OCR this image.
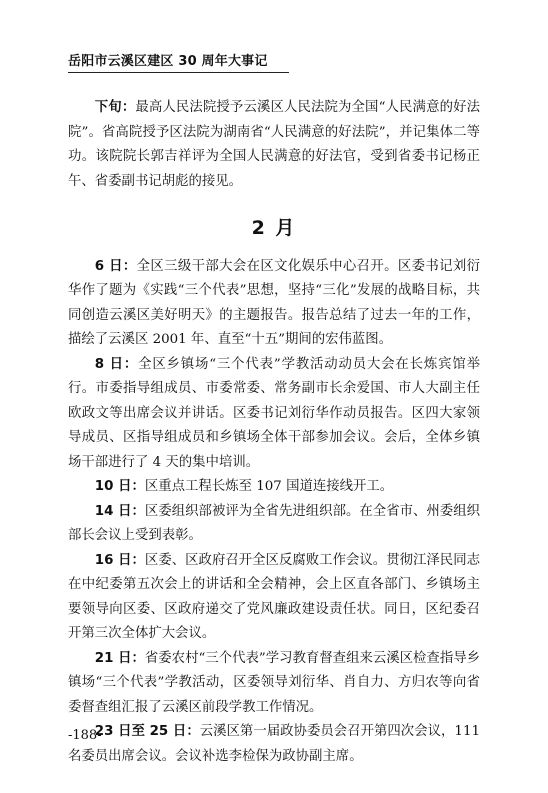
岳阳市云溪区建区 30 周年大事记

下旬：最高人民法院授予云溪区人民法院为全国“人民满意的好法院”。省高院授予区法院为湖南省“人民满意的好法院”，并记集体二等功。该院院长郭吉祥评为全国人民满意的好法官，受到省委书记杨正午、省委副书记胡彪的接见。

2 月

6 日：全区三级干部大会在区文化娱乐中心召开。区委书记刘衍华作了题为《实践“三个代表”思想，坚持“三化”发展的战略目标，共同创造云溪区美好明天》的主题报告。报告总结了过去一年的工作，描绘了云溪区 2001 年、直至“十五”期间的宏伟蓝图。

8 日：全区乡镇场“三个代表”学教活动动员大会在长炼宾馆举行。市委指导组成员、市委常委、常务副市长余爱国、市人大副主任欧政文等出席会议并讲话。区委书记刘衍华作动员报告。区四大家领导成员、区指导组成员和乡镇场全体干部参加会议。会后，全体乡镇场干部进行了 4 天的集中培训。

10 日：区重点工程长炼至 107 国道连接线开工。

14 日：区委组织部被评为全省先进组织部。在全省市、州委组织部长会议上受到表彰。

16 日：区委、区政府召开全区反腐败工作会议。贯彻江泽民同志在中纪委第五次会上的讲话和全会精神，会上区直各部门、乡镇场主要领导向区委、区政府递交了党风廉政建设责任状。同日，区纪委召开第三次全体扩大会议。

21 日：省委农村“三个代表”学习教育督查组来云溪区检查指导乡镇场“三个代表”学教活动，区委领导刘衍华、肖自力、方归农等向省委督查组汇报了云溪区前段学教工作情况。

23 日至 25 日：云溪区第一届政协委员会召开第四次会议，111 名委员出席会议。会议补选李检保为政协副主席。

-188-
